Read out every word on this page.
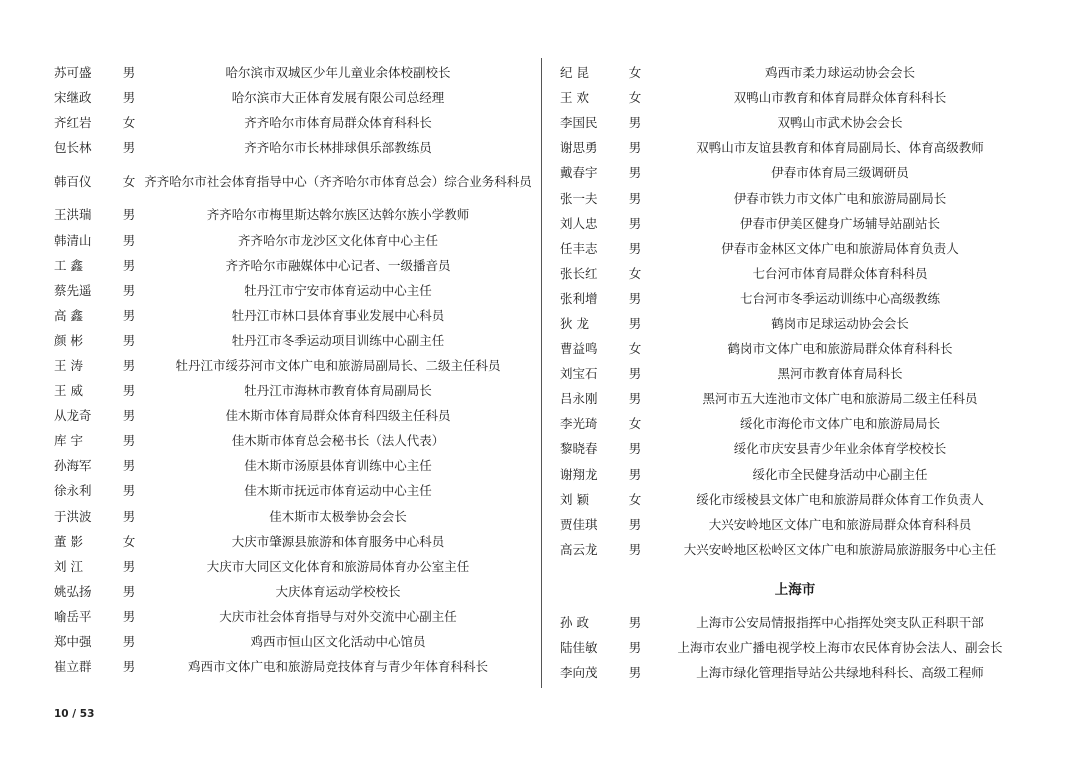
苏可盛	男	哈尔滨市双城区少年儿童业余体校副校长
宋继政	男	哈尔滨市大正体育发展有限公司总经理
齐红岩	女	齐齐哈尔市体育局群众体育科科长
包长林	男	齐齐哈尔市长林排球俱乐部教练员
韩百仪	女 齐齐哈尔市社会体育指导中心（齐齐哈尔市体育总会）综合业务科科员
王洪瑞	男	齐齐哈尔市梅里斯达斡尔族区达斡尔族小学教师
韩清山	男	齐齐哈尔市龙沙区文化体育中心主任
工 鑫	男	齐齐哈尔市融媒体中心记者、一级播音员
蔡先遥	男	牡丹江市宁安市体育运动中心主任
高 鑫	男	牡丹江市林口县体育事业发展中心科员
颜 彬	男	牡丹江市冬季运动项目训练中心副主任
王 涛	男	牡丹江市绥芬河市文体广电和旅游局副局长、二级主任科员
王 威	男	牡丹江市海林市教育体育局副局长
从龙奇	男	佳木斯市体育局群众体育科四级主任科员
库 宇	男	佳木斯市体育总会秘书长（法人代表）
孙海军	男	佳木斯市汤原县体育训练中心主任
徐永利	男	佳木斯市抚远市体育运动中心主任
于洪波	男	佳木斯市太极拳协会会长
董 影	女	大庆市肇源县旅游和体育服务中心科员
刘 江	男	大庆市大同区文化体育和旅游局体育办公室主任
姚弘扬	男	大庆体育运动学校校长
喻岳平	男	大庆市社会体育指导与对外交流中心副主任
郑中强	男	鸡西市恒山区文化活动中心馆员
崔立群	男	鸡西市文体广电和旅游局竞技体育与青少年体育科科长
纪 昆	女	鸡西市柔力球运动协会会长
王 欢	女	双鸭山市教育和体育局群众体育科科长
李国民	男	双鸭山市武术协会会长
谢思勇	男	双鸭山市友谊县教育和体育局副局长、体育高级教师
戴春宇	男	伊春市体育局三级调研员
张一夫	男	伊春市铁力市文体广电和旅游局副局长
刘人忠	男	伊春市伊美区健身广场辅导站副站长
任丰志	男	伊春市金林区文体广电和旅游局体育负责人
张长红	女	七台河市体育局群众体育科科员
张利增	男	七台河市冬季运动训练中心高级教练
狄 龙	男	鹤岗市足球运动协会会长
曹益鸣	女	鹤岗市文体广电和旅游局群众体育科科长
刘宝石	男	黑河市教育体育局科长
吕永刚	男	黑河市五大连池市文体广电和旅游局二级主任科员
李光琦	女	绥化市海伦市文体广电和旅游局局长
黎晓春	男	绥化市庆安县青少年业余体育学校校长
谢翔龙	男	绥化市全民健身活动中心副主任
刘 颖	女	绥化市绥棱县文体广电和旅游局群众体育工作负责人
贾佳琪	男	大兴安岭地区文体广电和旅游局群众体育科科员
高云龙	男	大兴安岭地区松岭区文体广电和旅游局旅游服务中心主任
上海市
孙 政	男	上海市公安局情报指挥中心指挥处突支队正科职干部
陆佳敏	男	上海市农业广播电视学校上海市农民体育协会法人、副会长
李向茂	男	上海市绿化管理指导站公共绿地科科长、高级工程师
10 / 53
